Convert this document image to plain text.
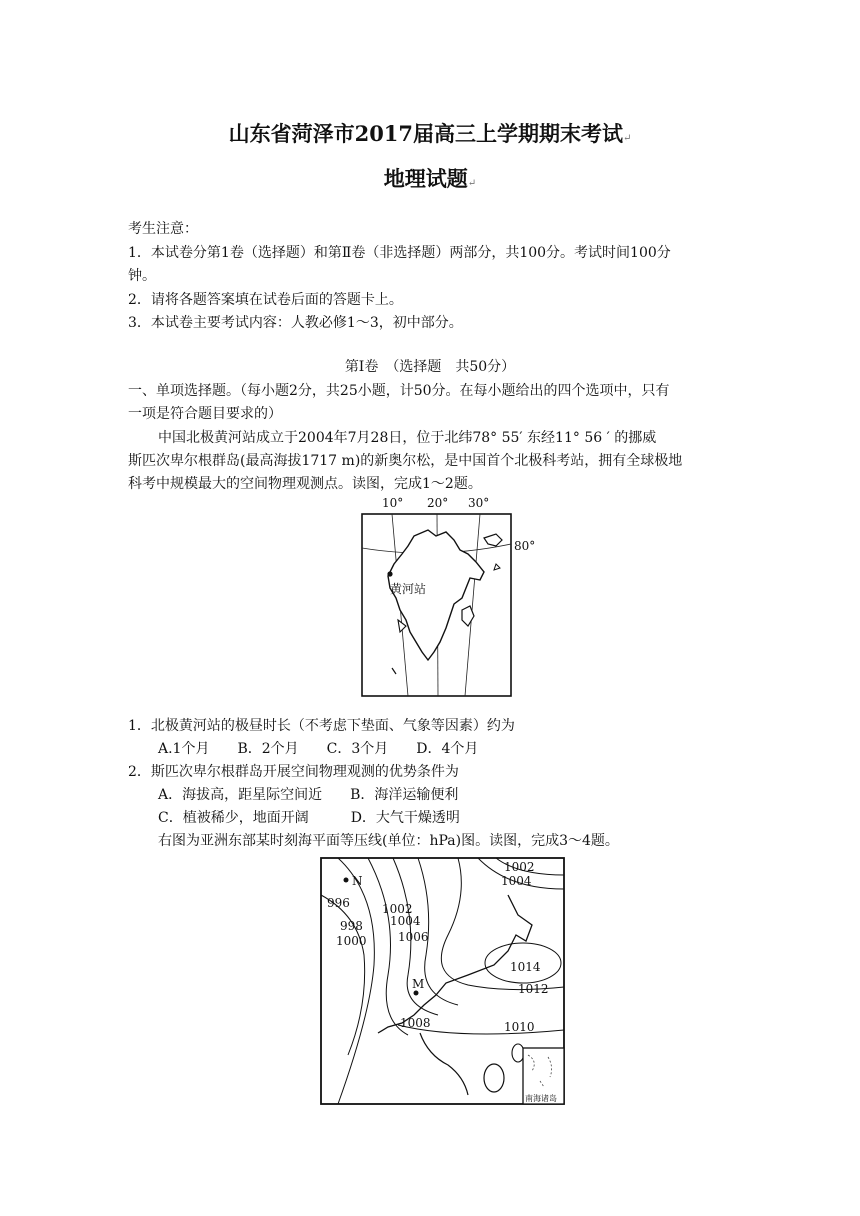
山东省菏泽市2017届高三上学期期末考试↵
地理试题↵
考生注意：
1．本试卷分第1卷（选择题）和第Ⅱ卷（非选择题）两部分，共100分。考试时间100分
钟。
2．请将各题答案填在试卷后面的答题卡上。
3．本试卷主要考试内容：人教必修1～3，初中部分。
第Ⅰ卷　（选择题　共50分）
一、单项选择题。（每小题2分，共25小题，计50分。在每小题给出的四个选项中，只有
一项是符合题目要求的）
中国北极黄河站成立于2004年7月28日，位于北纬78° 55′ 东经11° 56 ′ 的挪威
斯匹次卑尔根群岛(最高海拔1717 m)的新奥尔松，是中国首个北极科考站，拥有全球极地
科考中规模最大的空间物理观测点。读图，完成1～2题。
10° 20° 30°
80°
黄河站
1．北极黄河站的极昼时长（不考虑下垫面、气象等因素）约为
A.1个月　　B．2个月　　C．3个月　　D．4个月
2．斯匹次卑尔根群岛开展空间物理观测的优势条件为
A．海拔高，距星际空间近　　B．海洋运输便利
C．植被稀少，地面开阔　　　D．大气干燥透明
右图为亚洲东部某时刻海平面等压线(单位：hPa)图。读图，完成3～4题。
N
M
1002
1004
996	1002
998 1004
1000	1006
1014
1012
1008	1010
南海诸岛
